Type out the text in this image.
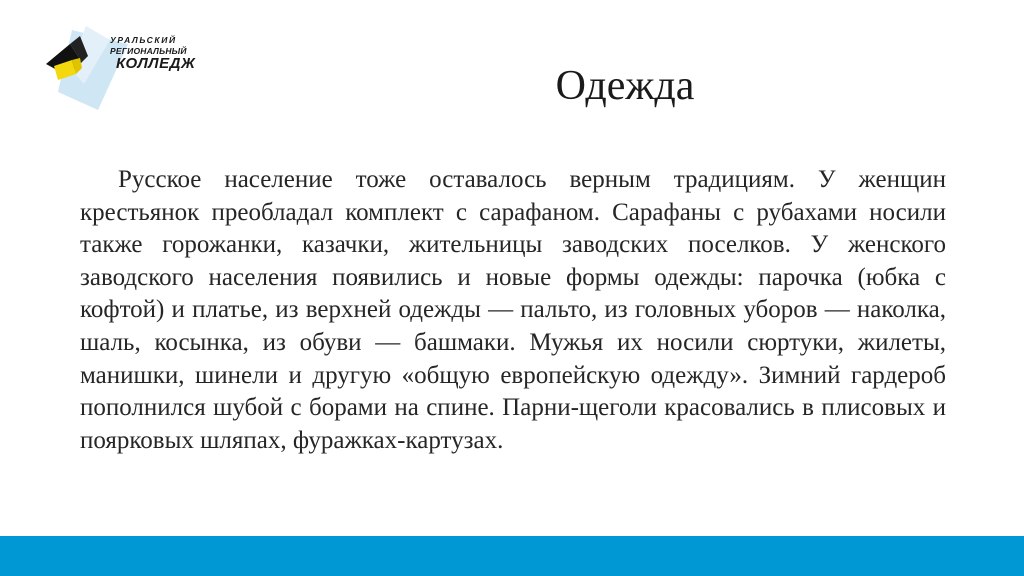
УРАЛЬСКИЙ
РЕГИОНАЛЬНЫЙ
КОЛЛЕДЖ	Одежда

Русское население тоже оставалось верным традициям. У женщин крестьянок преобладал комплект с сарафаном. Сарафаны с рубахами носили также горожанки, казачки, жительницы заводских поселков. У женского заводского населения появились и новые формы одежды: парочка (юбка с кофтой) и платье, из верхней одежды — пальто, из головных уборов — наколка, шаль, косынка, из обуви — башмаки. Мужья их носили сюртуки, жилеты, манишки, шинели и другую «общую европейскую одежду». Зимний гардероб пополнился шубой с борами на спине. Парни-щеголи красовались в плисовых и поярковых шляпах, фуражках-картузах.
